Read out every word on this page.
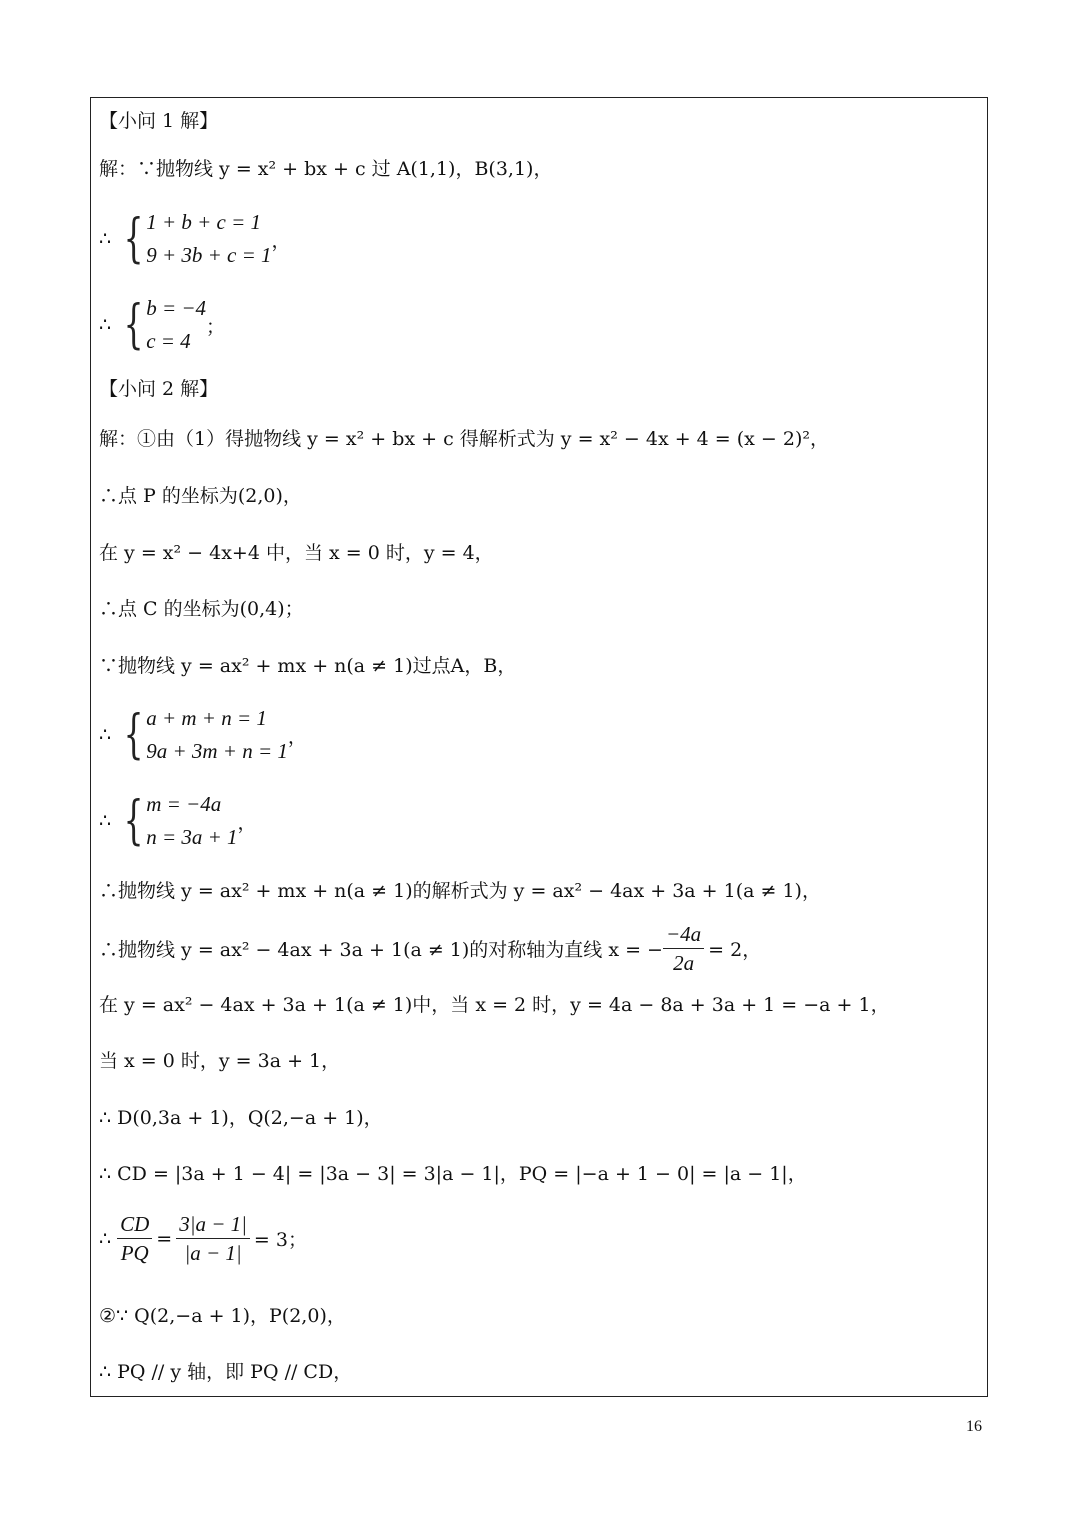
【小问 1 解】
解：∵抛物线 y = x² + bx + c 过 A(1,1)，B(3,1)，
∴ { 1 + b + c = 1
9 + 3b + c = 1
，
∴ { b = −4
c = 4
；
【小问 2 解】
解：①由（1）得抛物线 y = x² + bx + c 得解析式为 y = x² − 4x + 4 = (x − 2)²，
∴点 P 的坐标为(2,0)，
在 y = x² − 4x+4 中，当 x = 0 时，y = 4，
∴点 C 的坐标为(0,4)；
∵抛物线 y = ax² + mx + n(a ≠ 1)过点A，B，
∴ { a + m + n = 1
9a + 3m + n = 1
，
∴ { m = −4a
n = 3a + 1
，
∴抛物线 y = ax² + mx + n(a ≠ 1)的解析式为 y = ax² − 4ax + 3a + 1(a ≠ 1)，
∴抛物线 y = ax² − 4ax + 3a + 1(a ≠ 1)的对称轴为直线 x = − $\frac{-4a}{2a} = 2$，
在 y = ax² − 4ax + 3a + 1(a ≠ 1)中，当 x = 2 时，y = 4a − 8a + 3a + 1 = −a + 1，
当 x = 0 时，y = 3a + 1，
∴ D(0,3a + 1)，Q(2,−a + 1)，
∴ CD = |3a + 1 − 4| = |3a − 3| = 3|a − 1|，PQ = |−a + 1 − 0| = |a − 1|，
∴ $\frac{CD}{PQ} = \frac{3|a - 1|}{|a - 1|} = 3$；
②∵ Q(2,−a + 1)，P(2,0)，
∴ PQ // y 轴，即 PQ // CD，
16
